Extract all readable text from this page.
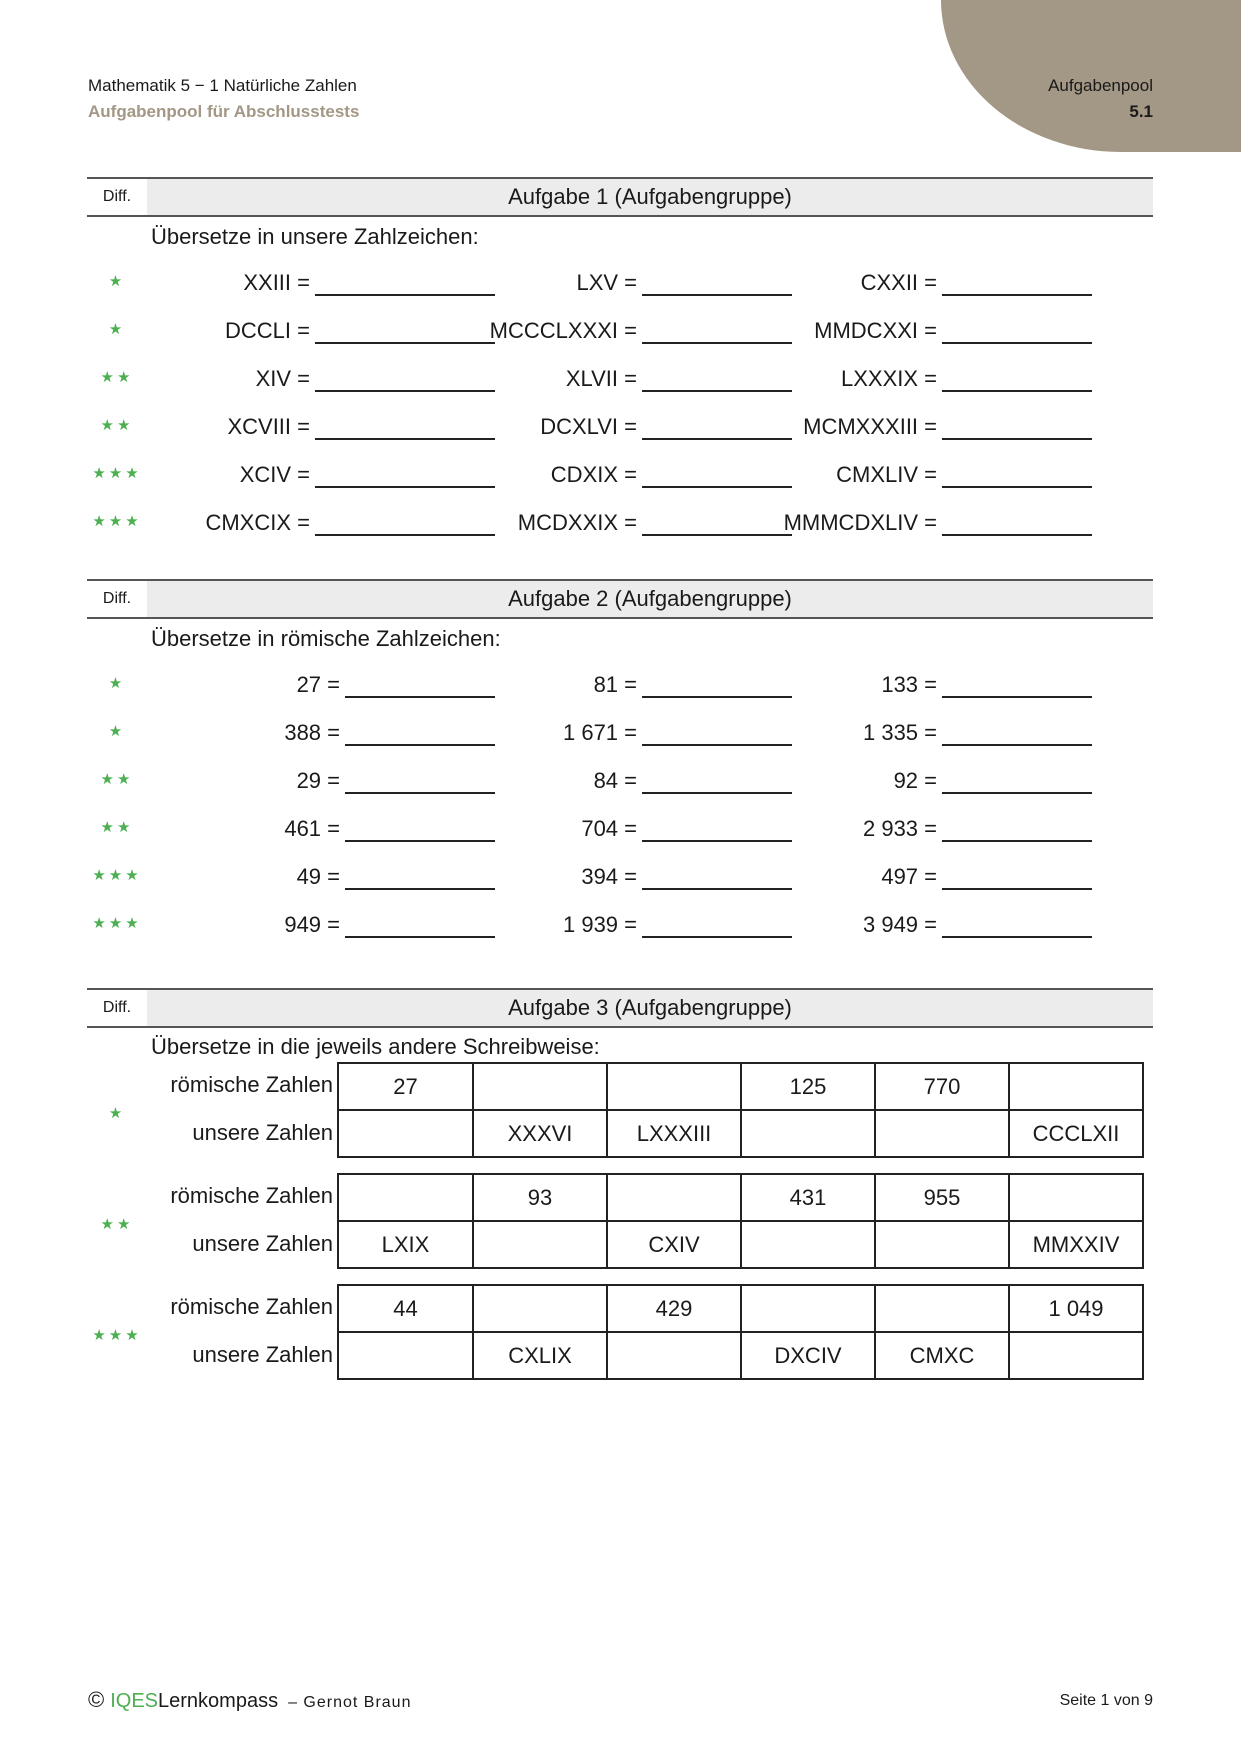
Mathematik 5 − 1 Natürliche Zahlen
Aufgabenpool für Abschlusstests
Aufgabenpool
5.1
Diff.	Aufgabe 1 (Aufgabengruppe)
Übersetze in unsere Zahlzeichen:
★	XXIII =	LXV =	CXXII =
★	DCCLI =	MCCCLXXXI =	MMDCXXI =
★★	XIV =	XLVII =	LXXXIX =
★★	XCVIII =	DCXLVI =	MCMXXXIII =
★★★	XCIV =	CDXIX =	CMXLIV =
★★★	CMXCIX =	MCDXXIX =	MMMCDXLIV =
Diff.	Aufgabe 2 (Aufgabengruppe)
Übersetze in römische Zahlzeichen:
★	27 =	81 =	133 =
★	388 =	1 671 =	1 335 =
★★	29 =	84 =	92 =
★★	461 =	704 =	2 933 =
★★★	49 =	394 =	497 =
★★★	949 =	1 939 =	3 949 =
Diff.	Aufgabe 3 (Aufgabengruppe)
Übersetze in die jeweils andere Schreibweise:
★
römische Zahlen
unsere Zahlen
27			125	770	
	XXXVI	LXXXIII			CCCLXII
★★
römische Zahlen
unsere Zahlen
	93		431	955	
LXIX		CXIV			MMXXIV
★★★
römische Zahlen
unsere Zahlen
44		429			1 049
	CXLIX		DXCIV	CMXC	
© IQES Lernkompass – Gernot Braun	Seite 1 von 9
